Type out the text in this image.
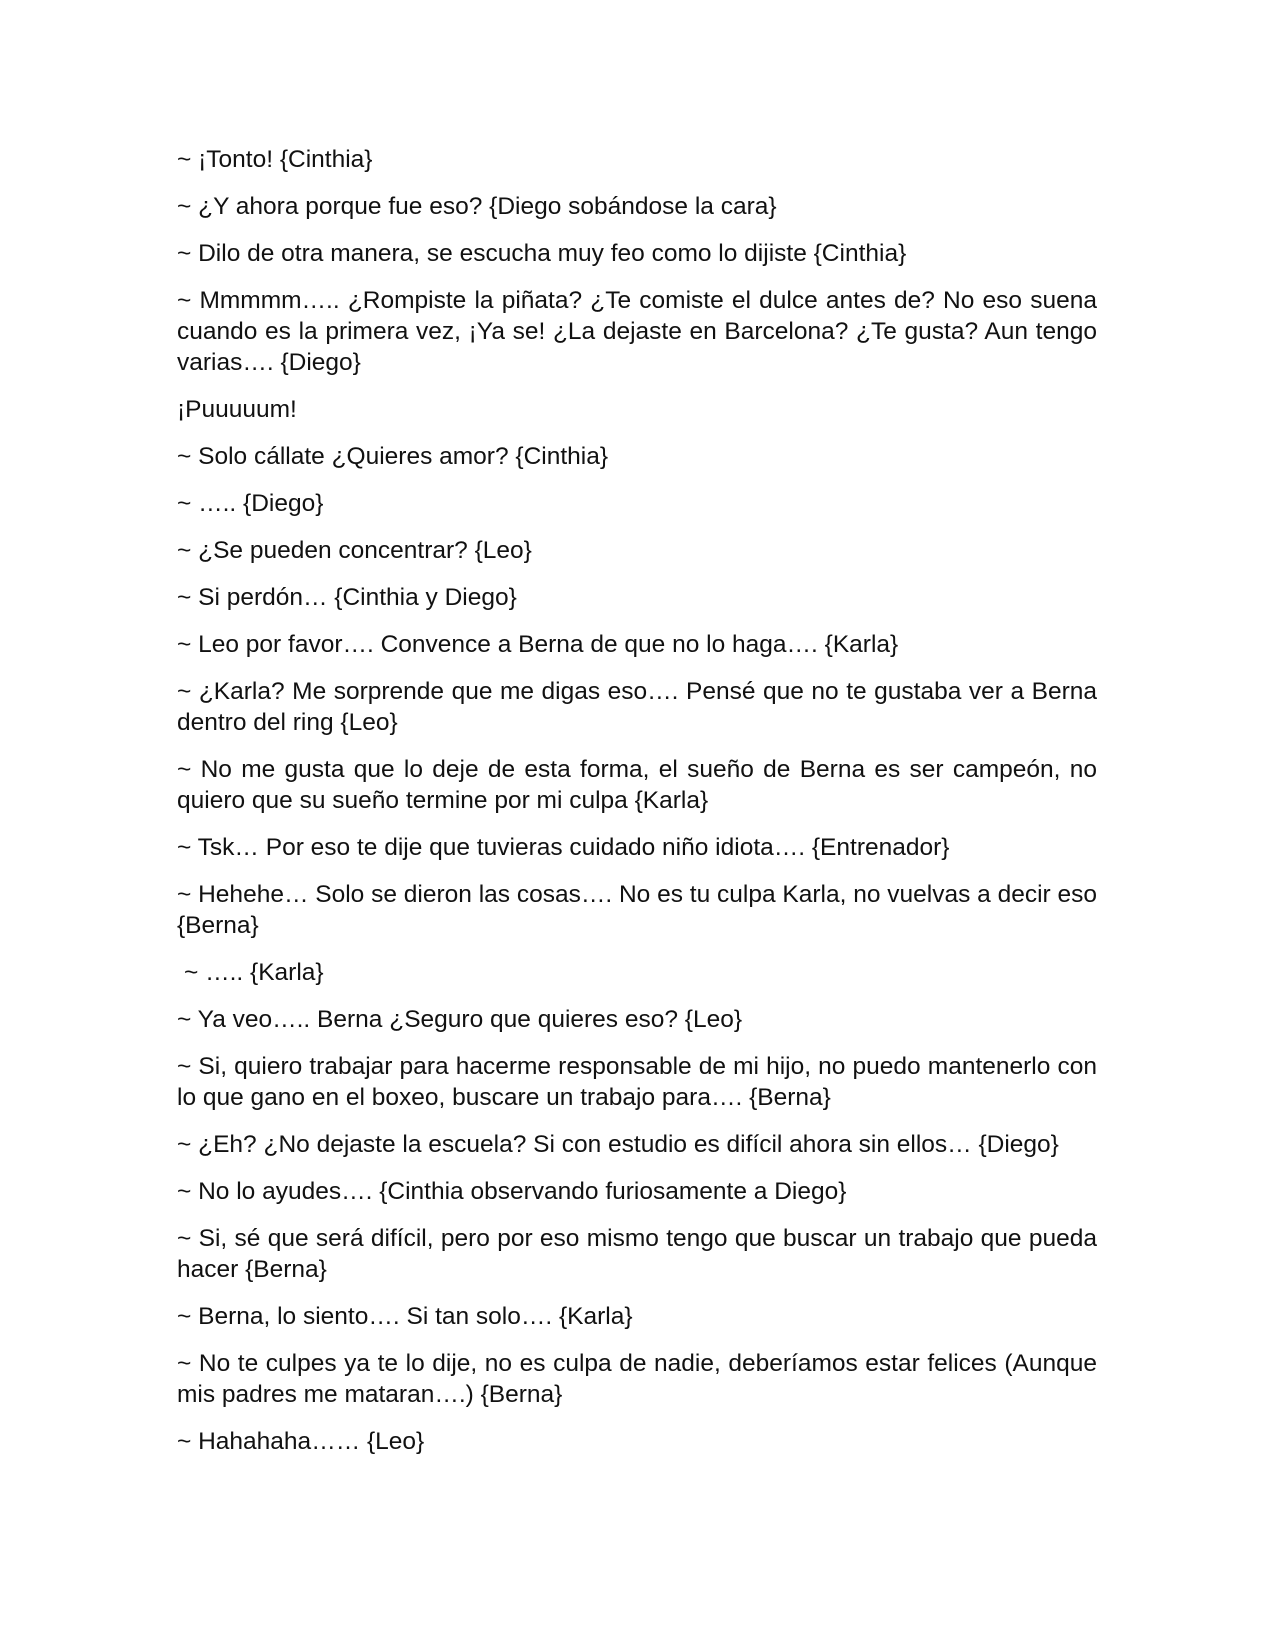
~ ¡Tonto! {Cinthia}

~ ¿Y ahora porque fue eso? {Diego sobándose la cara}

~ Dilo de otra manera, se escucha muy feo como lo dijiste {Cinthia}

~ Mmmmm….. ¿Rompiste la piñata? ¿Te comiste el dulce antes de? No eso suena cuando es la primera vez, ¡Ya se! ¿La dejaste en Barcelona? ¿Te gusta? Aun tengo varias…. {Diego}

¡Puuuuum!

~ Solo cállate ¿Quieres amor? {Cinthia}

~ ….. {Diego}

~ ¿Se pueden concentrar? {Leo}

~ Si perdón… {Cinthia y Diego}

~ Leo por favor…. Convence a Berna de que no lo haga…. {Karla}

~ ¿Karla? Me sorprende que me digas eso…. Pensé que no te gustaba ver a Berna dentro del ring {Leo}

~ No me gusta que lo deje de esta forma, el sueño de Berna es ser campeón, no quiero que su sueño termine por mi culpa {Karla}

~ Tsk… Por eso te dije que tuvieras cuidado niño idiota…. {Entrenador}

~ Hehehe… Solo se dieron las cosas…. No es tu culpa Karla, no vuelvas a decir eso {Berna}

~ ….. {Karla}

~ Ya veo….. Berna ¿Seguro que quieres eso? {Leo}

~ Si, quiero trabajar para hacerme responsable de mi hijo, no puedo mantenerlo con lo que gano en el boxeo, buscare un trabajo para…. {Berna}

~ ¿Eh? ¿No dejaste la escuela? Si con estudio es difícil ahora sin ellos… {Diego}

~ No lo ayudes…. {Cinthia observando furiosamente a Diego}

~ Si, sé que será difícil, pero por eso mismo tengo que buscar un trabajo que pueda hacer {Berna}

~ Berna, lo siento…. Si tan solo…. {Karla}

~ No te culpes ya te lo dije, no es culpa de nadie, deberíamos estar felices (Aunque mis padres me mataran….) {Berna}

~ Hahahaha…… {Leo}
